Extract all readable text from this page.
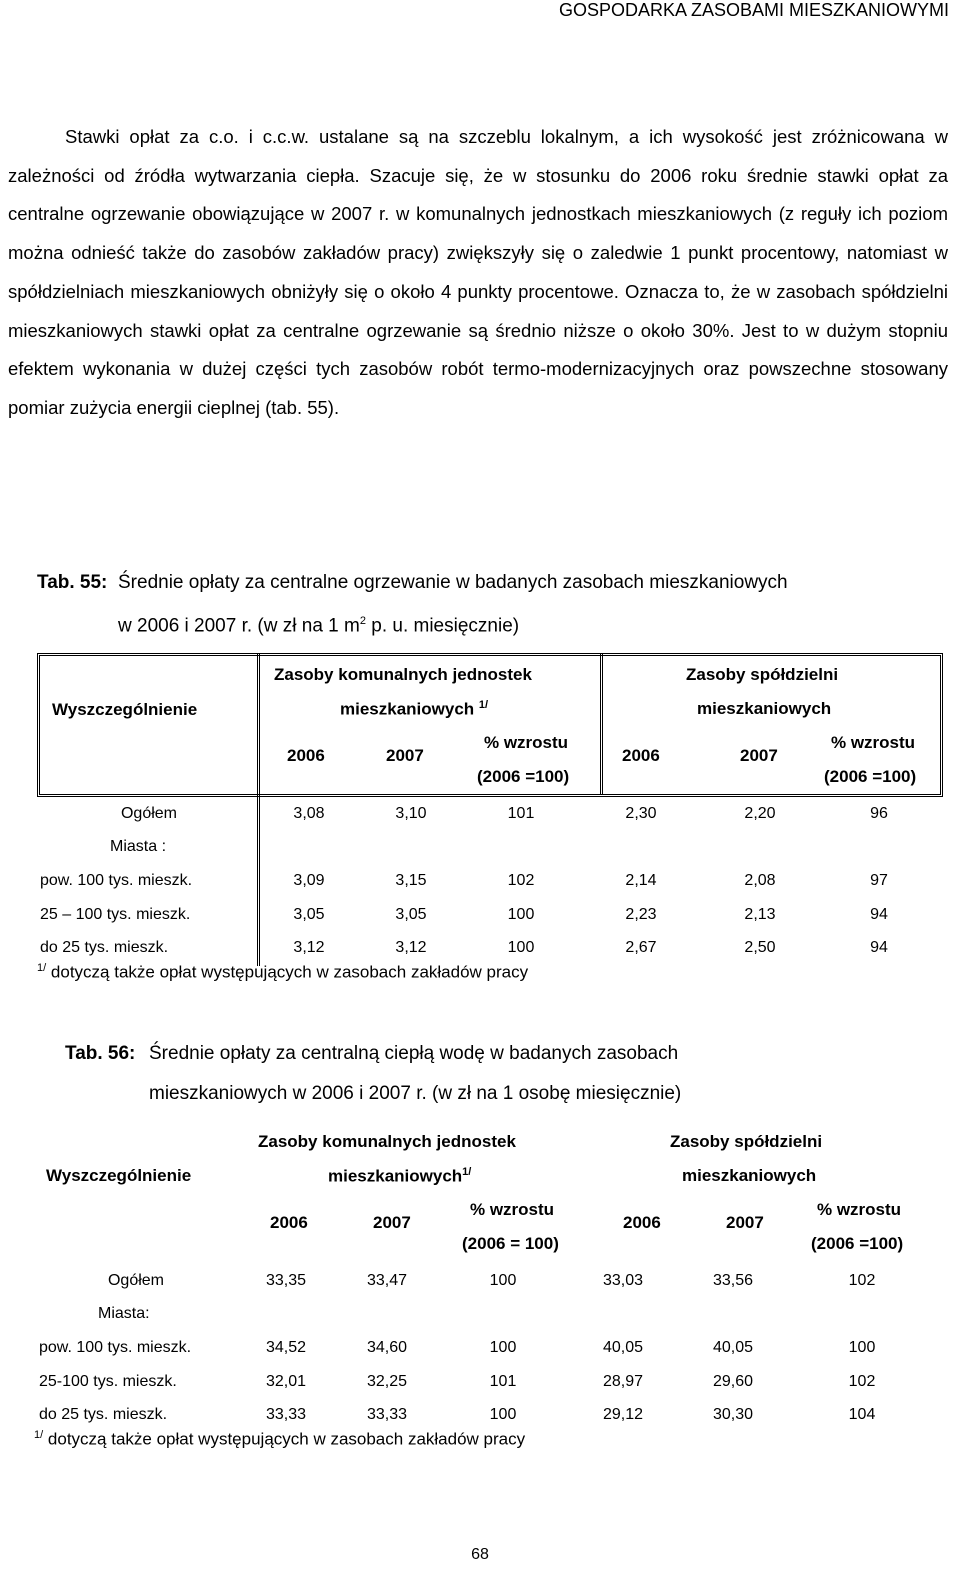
GOSPODARKA ZASOBAMI MIESZKANIOWYMI
Stawki opłat za c.o. i c.c.w. ustalane są na szczeblu lokalnym, a ich wysokość jest zróżnicowana w zależności od źródła wytwarzania ciepła. Szacuje się, że w stosunku do 2006 roku średnie stawki opłat za centralne ogrzewanie obowiązujące w 2007 r. w komunalnych jednostkach mieszkaniowych (z reguły ich poziom można odnieść także do zasobów zakładów pracy) zwiększyły się o zaledwie 1 punkt procentowy, natomiast w spółdzielniach mieszkaniowych obniżyły się o około 4 punkty procentowe. Oznacza to, że w zasobach spółdzielni mieszkaniowych stawki opłat za centralne ogrzewanie są średnio niższe o około 30%. Jest to w dużym stopniu efektem wykonania w dużej części tych zasobów robót termo-modernizacyjnych oraz powszechne stosowany pomiar zużycia energii cieplnej (tab. 55).
Tab. 55: Średnie opłaty za centralne ogrzewanie w badanych zasobach mieszkaniowych
w 2006 i 2007 r. (w zł na 1 $m^2$ p. u. miesięcznie)
Wyszczególnienie
Zasoby komunalnych jednostek
mieszkaniowych $^{1/}$
Zasoby spółdzielni
mieszkaniowych
2006	2007
% wzrostu
(2006 =100)
2006	2007
% wzrostu
(2006 =100)
Ogółem	3,08	3,10	101	2,30	2,20	96
Miasta :						
pow. 100 tys. mieszk.	3,09	3,15	102	2,14	2,08	97
25 – 100 tys. mieszk.	3,05	3,05	100	2,23	2,13	94
do 25 tys. mieszk.	3,12	3,12	100	2,67	2,50	94
$^{1/}$ dotyczą także opłat występujących w zasobach zakładów pracy
Tab. 56: Średnie opłaty za centralną ciepłą wodę w badanych zasobach
mieszkaniowych w 2006 i 2007 r. (w zł na 1 osobę miesięcznie)
Wyszczególnienie
Zasoby komunalnych jednostek
mieszkaniowych$^{1/}$
Zasoby spółdzielni
mieszkaniowych
2006	2007
% wzrostu
(2006 = 100)
2006	2007
% wzrostu
(2006 =100)
Ogółem	33,35	33,47	100	33,03	33,56	102
Miasta:						
pow. 100 tys. mieszk.	34,52	34,60	100	40,05	40,05	100
25-100 tys. mieszk.	32,01	32,25	101	28,97	29,60	102
do 25 tys. mieszk.	33,33	33,33	100	29,12	30,30	104
$^{1/}$ dotyczą także opłat występujących w zasobach zakładów pracy
68
